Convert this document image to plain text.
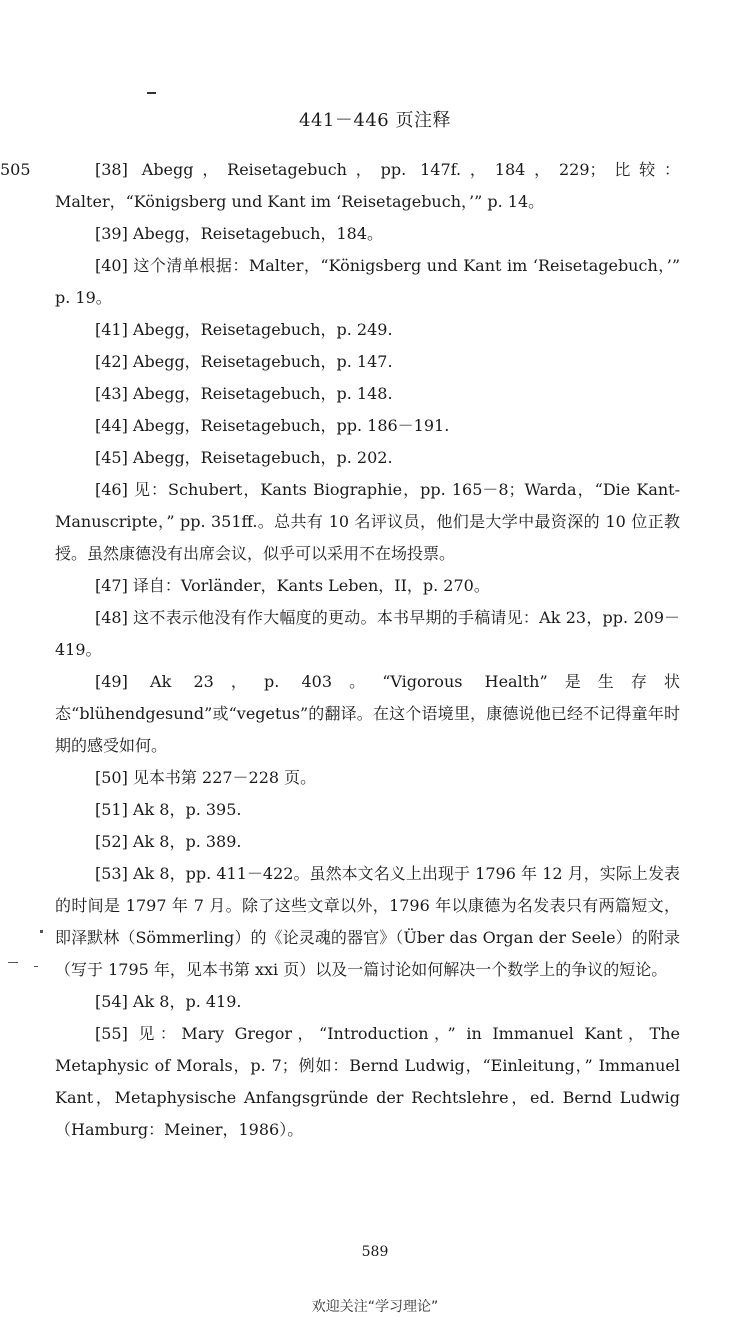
441－446 页注释
505	[38] Abegg，Reisetagebuch，pp. 147f.，184，229；比较：Malter，“Königsberg und Kant im ‘Reisetagebuch，’” p. 14。

[39] Abegg，Reisetagebuch，184。

[40] 这个清单根据：Malter，“Königsberg und Kant im ‘Reisetagebuch，’” p. 19。

[41] Abegg，Reisetagebuch，p. 249.

[42] Abegg，Reisetagebuch，p. 147.

[43] Abegg，Reisetagebuch，p. 148.

[44] Abegg，Reisetagebuch，pp. 186－191.

[45] Abegg，Reisetagebuch，p. 202.

[46] 见：Schubert，Kants Biographie，pp. 165－8；Warda，“Die Kant-Manuscripte，” pp. 351ff.。总共有 10 名评议员，他们是大学中最资深的 10 位正教授。虽然康德没有出席会议，似乎可以采用不在场投票。

[47] 译自：Vorländer，Kants Leben，II，p. 270。

[48] 这不表示他没有作大幅度的更动。本书早期的手稿请见：Ak 23，pp. 209－419。

[49] Ak 23，p. 403。“Vigorous Health”是生存状态“blühendgesund”或“vegetus”的翻译。在这个语境里，康德说他已经不记得童年时期的感受如何。

[50] 见本书第 227－228 页。

[51] Ak 8，p. 395.

[52] Ak 8，p. 389.

[53] Ak 8，pp. 411－422。虽然本文名义上出现于 1796 年 12 月，实际上发表的时间是 1797 年 7 月。除了这些文章以外，1796 年以康德为名发表只有两篇短文，即泽默林（Sömmerling）的《论灵魂的器官》（Über das Organ der Seele）的附录（写于 1795 年，见本书第 xxi 页）以及一篇讨论如何解决一个数学上的争议的短论。

[54] Ak 8，p. 419.

[55] 见：Mary Gregor，“Introduction，” in Immanuel Kant，The Metaphysic of Morals，p. 7；例如：Bernd Ludwig，“Einleitung，” Immanuel Kant，Metaphysische Anfangsgründe der Rechtslehre，ed. Bernd Ludwig（Hamburg：Meiner，1986）。

589
欢迎关注“学习理论”
